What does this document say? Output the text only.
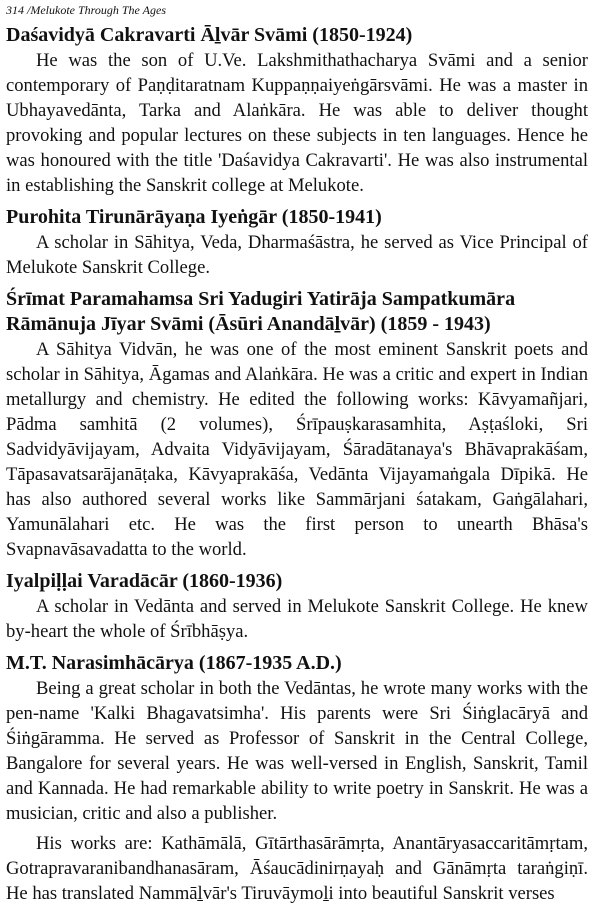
314 /Melukote Through The Ages
Daśavidyā Cakravarti Āḻvār Svāmi (1850-1924)

He was the son of U.Ve. Lakshmithathacharya Svāmi and a senior contemporary of Paṇḍitaratnam Kuppaṇṇaiyeṅgārsvāmi. He was a master in Ubhayavedānta, Tarka and Alaṅkāra. He was able to deliver thought provoking and popular lectures on these subjects in ten languages. Hence he was honoured with the title 'Daśavidya Cakravarti'. He was also instrumental in establishing the Sanskrit college at Melukote.

Purohita Tirunārāyaṇa Iyeṅgār (1850-1941)

A scholar in Sāhitya, Veda, Dharmaśāstra, he served as Vice Principal of Melukote Sanskrit College.

Śrīmat Paramahamsa Sri Yadugiri Yatirāja Sampatkumāra Rāmānuja Jīyar Svāmi (Āsūri Anandāḻvār) (1859 - 1943)

A Sāhitya Vidvān, he was one of the most eminent Sanskrit poets and scholar in Sāhitya, Āgamas and Alaṅkāra. He was a critic and expert in Indian metallurgy and chemistry. He edited the following works: Kāvyamañjari, Pādma samhitā (2 volumes), Śrīpauṣkarasamhita, Aṣṭaśloki, Sri Sadvidyāvijayam, Advaita Vidyāvijayam, Śāradātanaya's Bhāvaprakāśam, Tāpasavatsarājanāṭaka, Kāvyaprakāśa, Vedānta Vijayamaṅgala Dīpikā. He has also authored several works like Sammārjani śatakam, Gaṅgālahari, Yamunālahari etc. He was the first person to unearth Bhāsa's Svapnavāsavadatta to the world.

Iyalpiḷḷai Varadācār (1860-1936)

A scholar in Vedānta and served in Melukote Sanskrit College. He knew by-heart the whole of Śrībhāṣya.

M.T. Narasimhācārya (1867-1935 A.D.)

Being a great scholar in both the Vedāntas, he wrote many works with the pen-name 'Kalki Bhagavatsimha'. His parents were Sri Śiṅglacāryā and Śiṅgāramma. He served as Professor of Sanskrit in the Central College, Bangalore for several years. He was well-versed in English, Sanskrit, Tamil and Kannada. He had remarkable ability to write poetry in Sanskrit. He was a musician, critic and also a publisher.

His works are: Kathāmālā, Gītārthasārāmṛta, Anantāryasaccaritāmṛtam, Gotrapravaranibandhanasāram, Āśaucādinirṇayaḥ and Gānāmṛta taraṅgiṇī. He has translated Nammāḻvār's Tiruvāymoḻi into beautiful Sanskrit verses
